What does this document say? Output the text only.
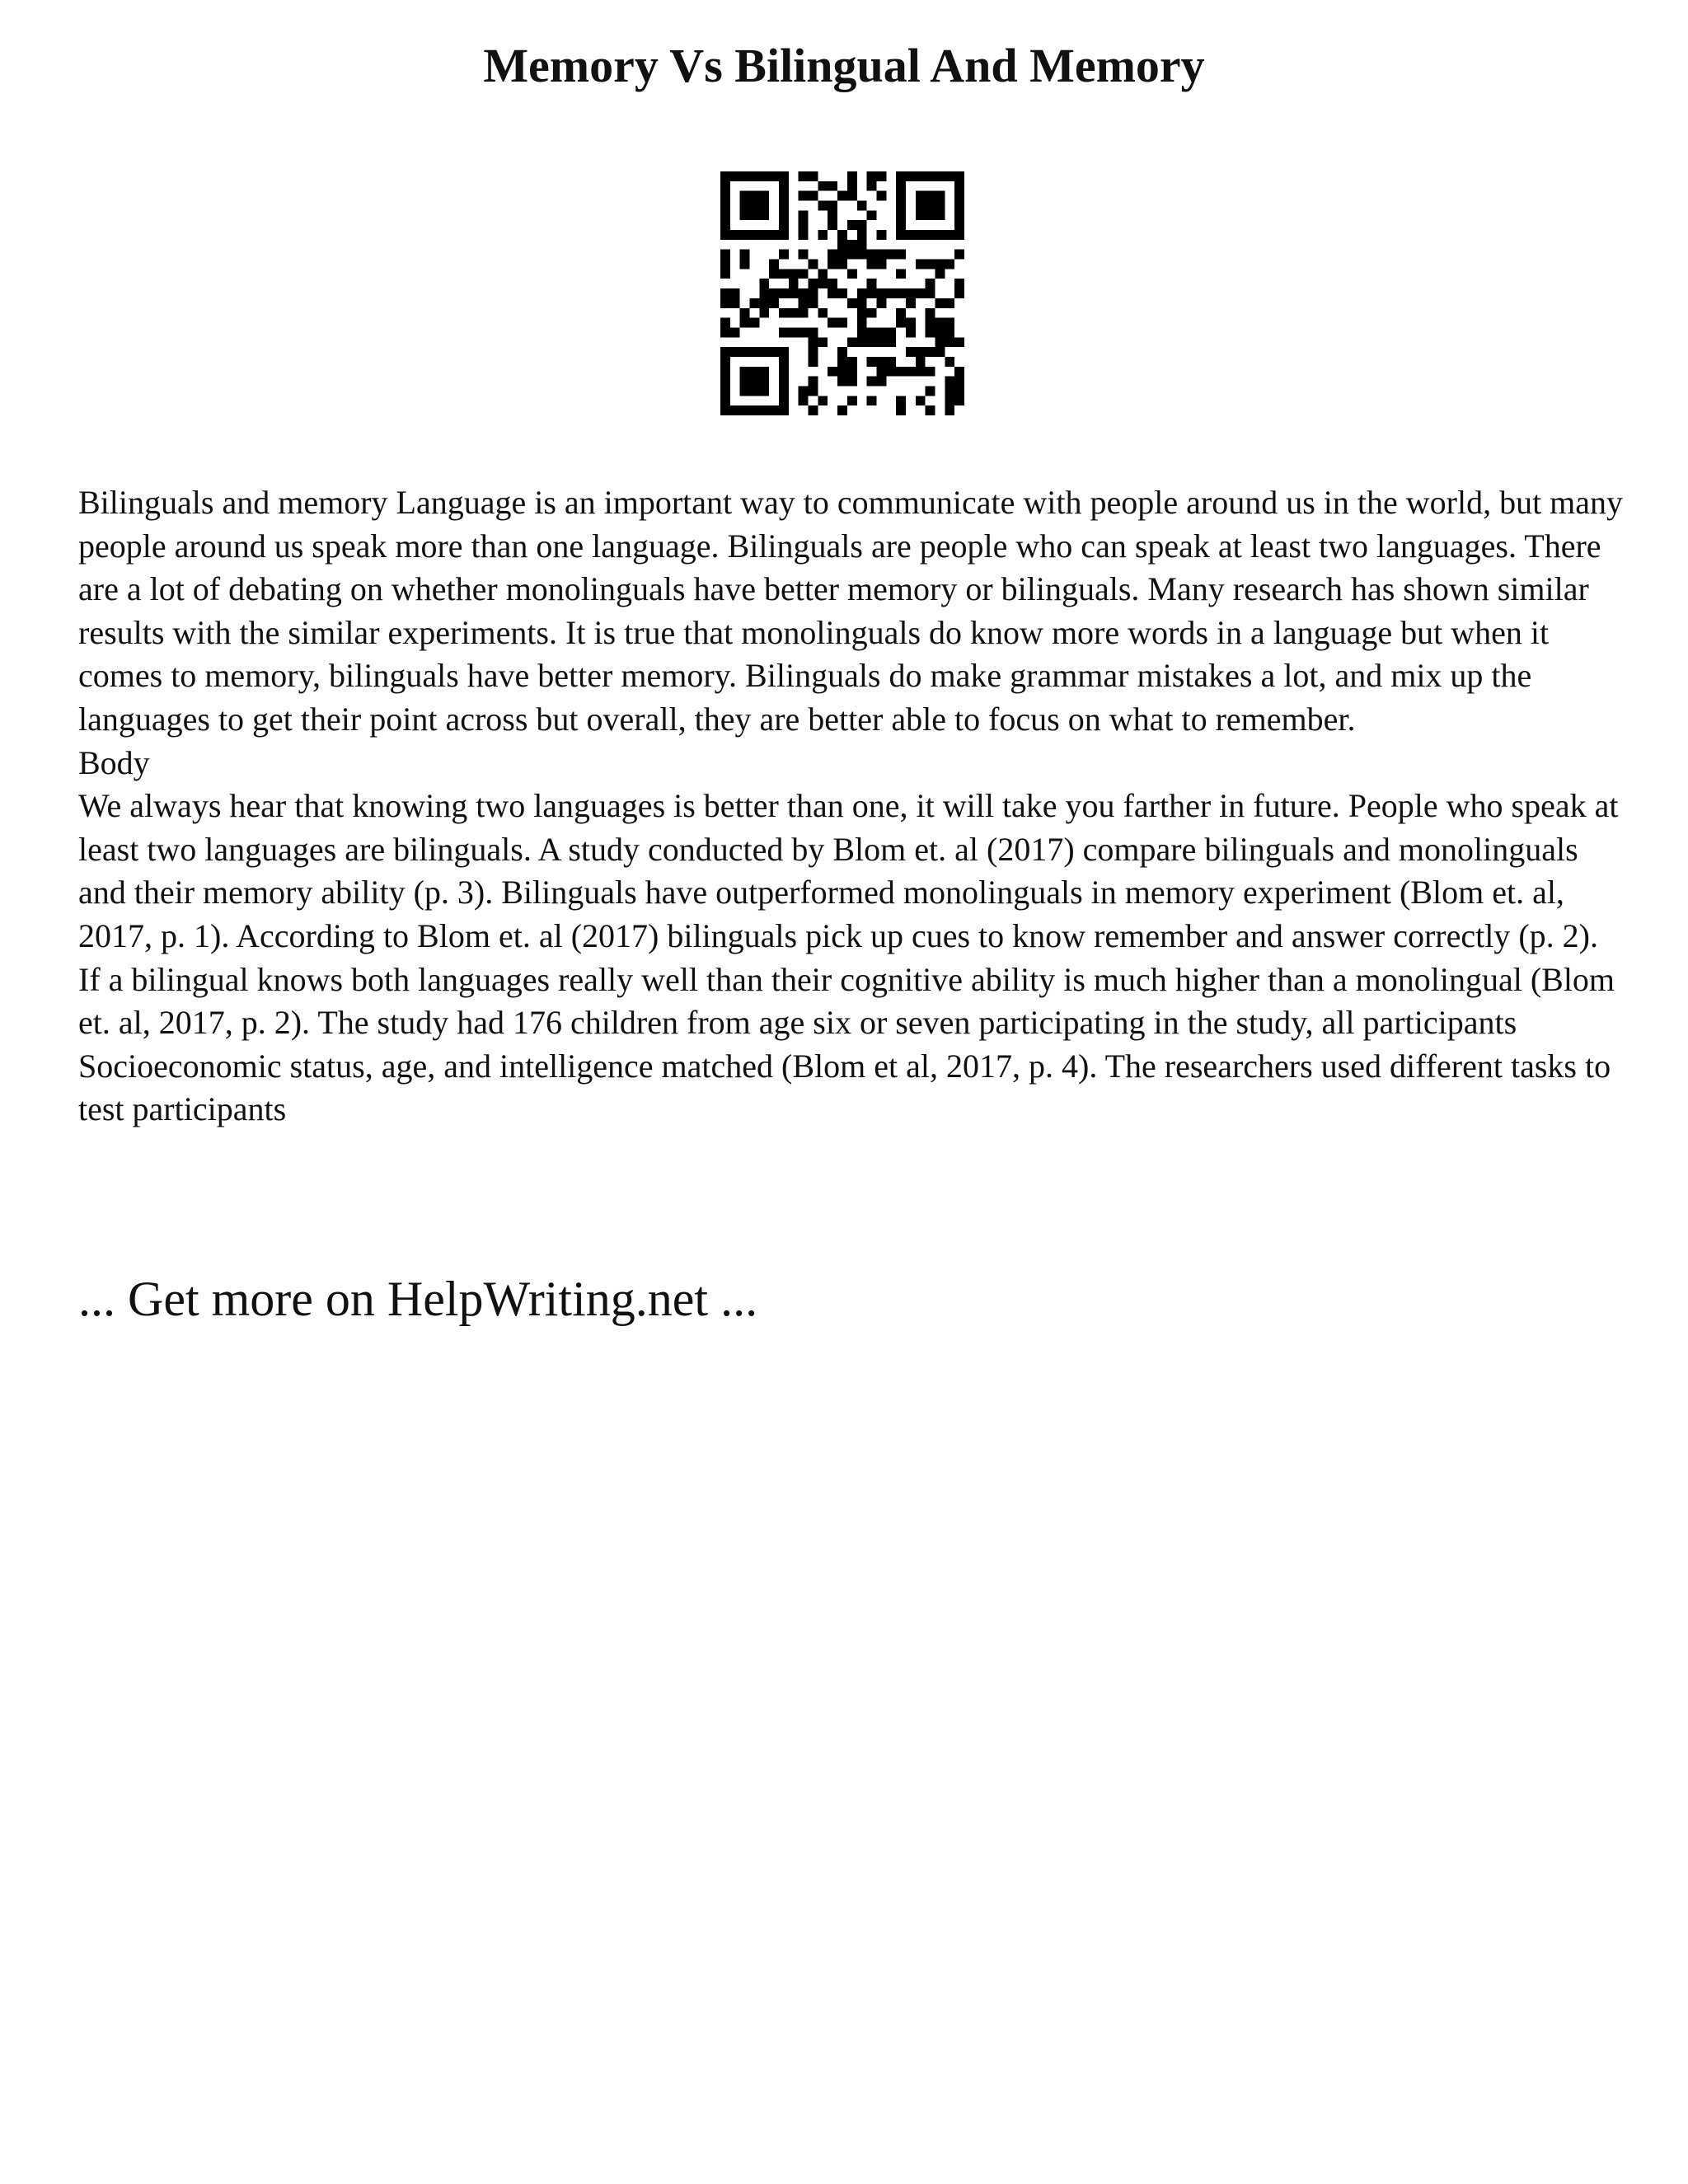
Memory Vs Bilingual And Memory

Bilinguals and memory Language is an important way to communicate with people around us in the world, but many people around us speak more than one language. Bilinguals are people who can speak at least two languages. There are a lot of debating on whether monolinguals have better memory or bilinguals. Many research has shown similar results with the similar experiments. It is true that monolinguals do know more words in a language but when it comes to memory, bilinguals have better memory. Bilinguals do make grammar mistakes a lot, and mix up the languages to get their point across but overall, they are better able to focus on what to remember.

Body

We always hear that knowing two languages is better than one, it will take you farther in future. People who speak at least two languages are bilinguals. A study conducted by Blom et. al (2017) compare bilinguals and monolinguals and their memory ability (p. 3). Bilinguals have outperformed monolinguals in memory experiment (Blom et. al, 2017, p. 1). According to Blom et. al (2017) bilinguals pick up cues to know remember and answer correctly (p. 2). If a bilingual knows both languages really well than their cognitive ability is much higher than a monolingual (Blom et. al, 2017, p. 2). The study had 176 children from age six or seven participating in the study, all participants Socioeconomic status, age, and intelligence matched (Blom et al, 2017, p. 4). The researchers used different tasks to test participants

... Get more on HelpWriting.net ...
